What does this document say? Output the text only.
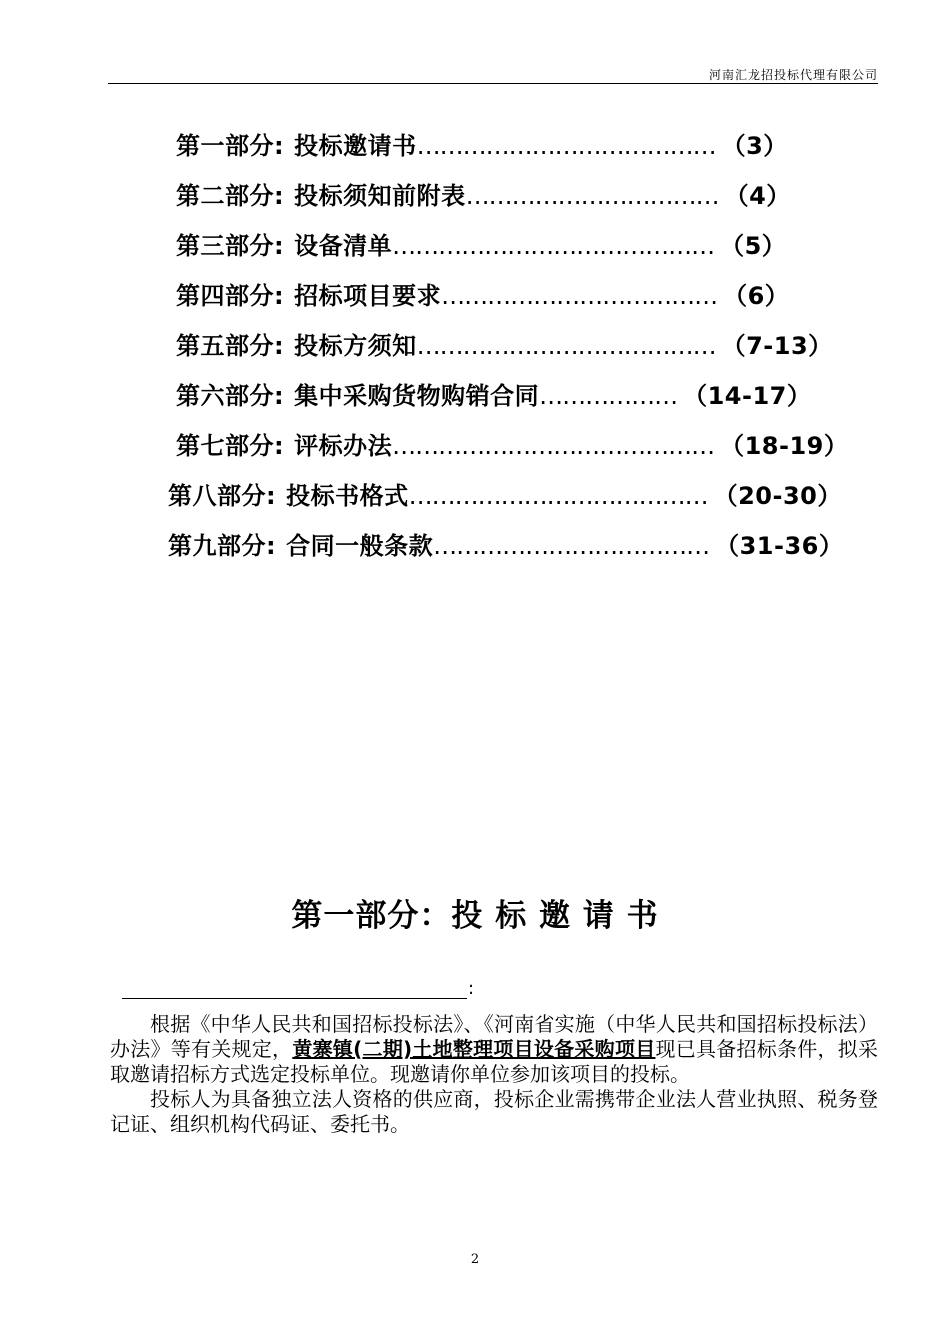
河南汇龙招投标代理有限公司
第一部分: 投标邀请书………………………………… （3）
第二部分: 投标须知前附表…………………………… （4）
第三部分: 设备清单…………………………………… （5）
第四部分: 招标项目要求……………………………… （6）
第五部分: 投标方须知………………………………… （7-13）
第六部分: 集中采购货物购销合同……………… （14-17）
第七部分: 评标办法…………………………………… （18-19）
第八部分: 投标书格式………………………………… （20-30）
第九部分: 合同一般条款……………………………… （31-36）
第一部分：投 标 邀 请 书
:

根据《中华人民共和国招标投标法》、《河南省实施（中华人民共和国招标投标法）办法》等有关规定，黄寨镇(二期)土地整理项目设备采购项目现已具备招标条件，拟采取邀请招标方式选定投标单位。现邀请你单位参加该项目的投标。

投标人为具备独立法人资格的供应商，投标企业需携带企业法人营业执照、税务登记证、组织机构代码证、委托书。

2
